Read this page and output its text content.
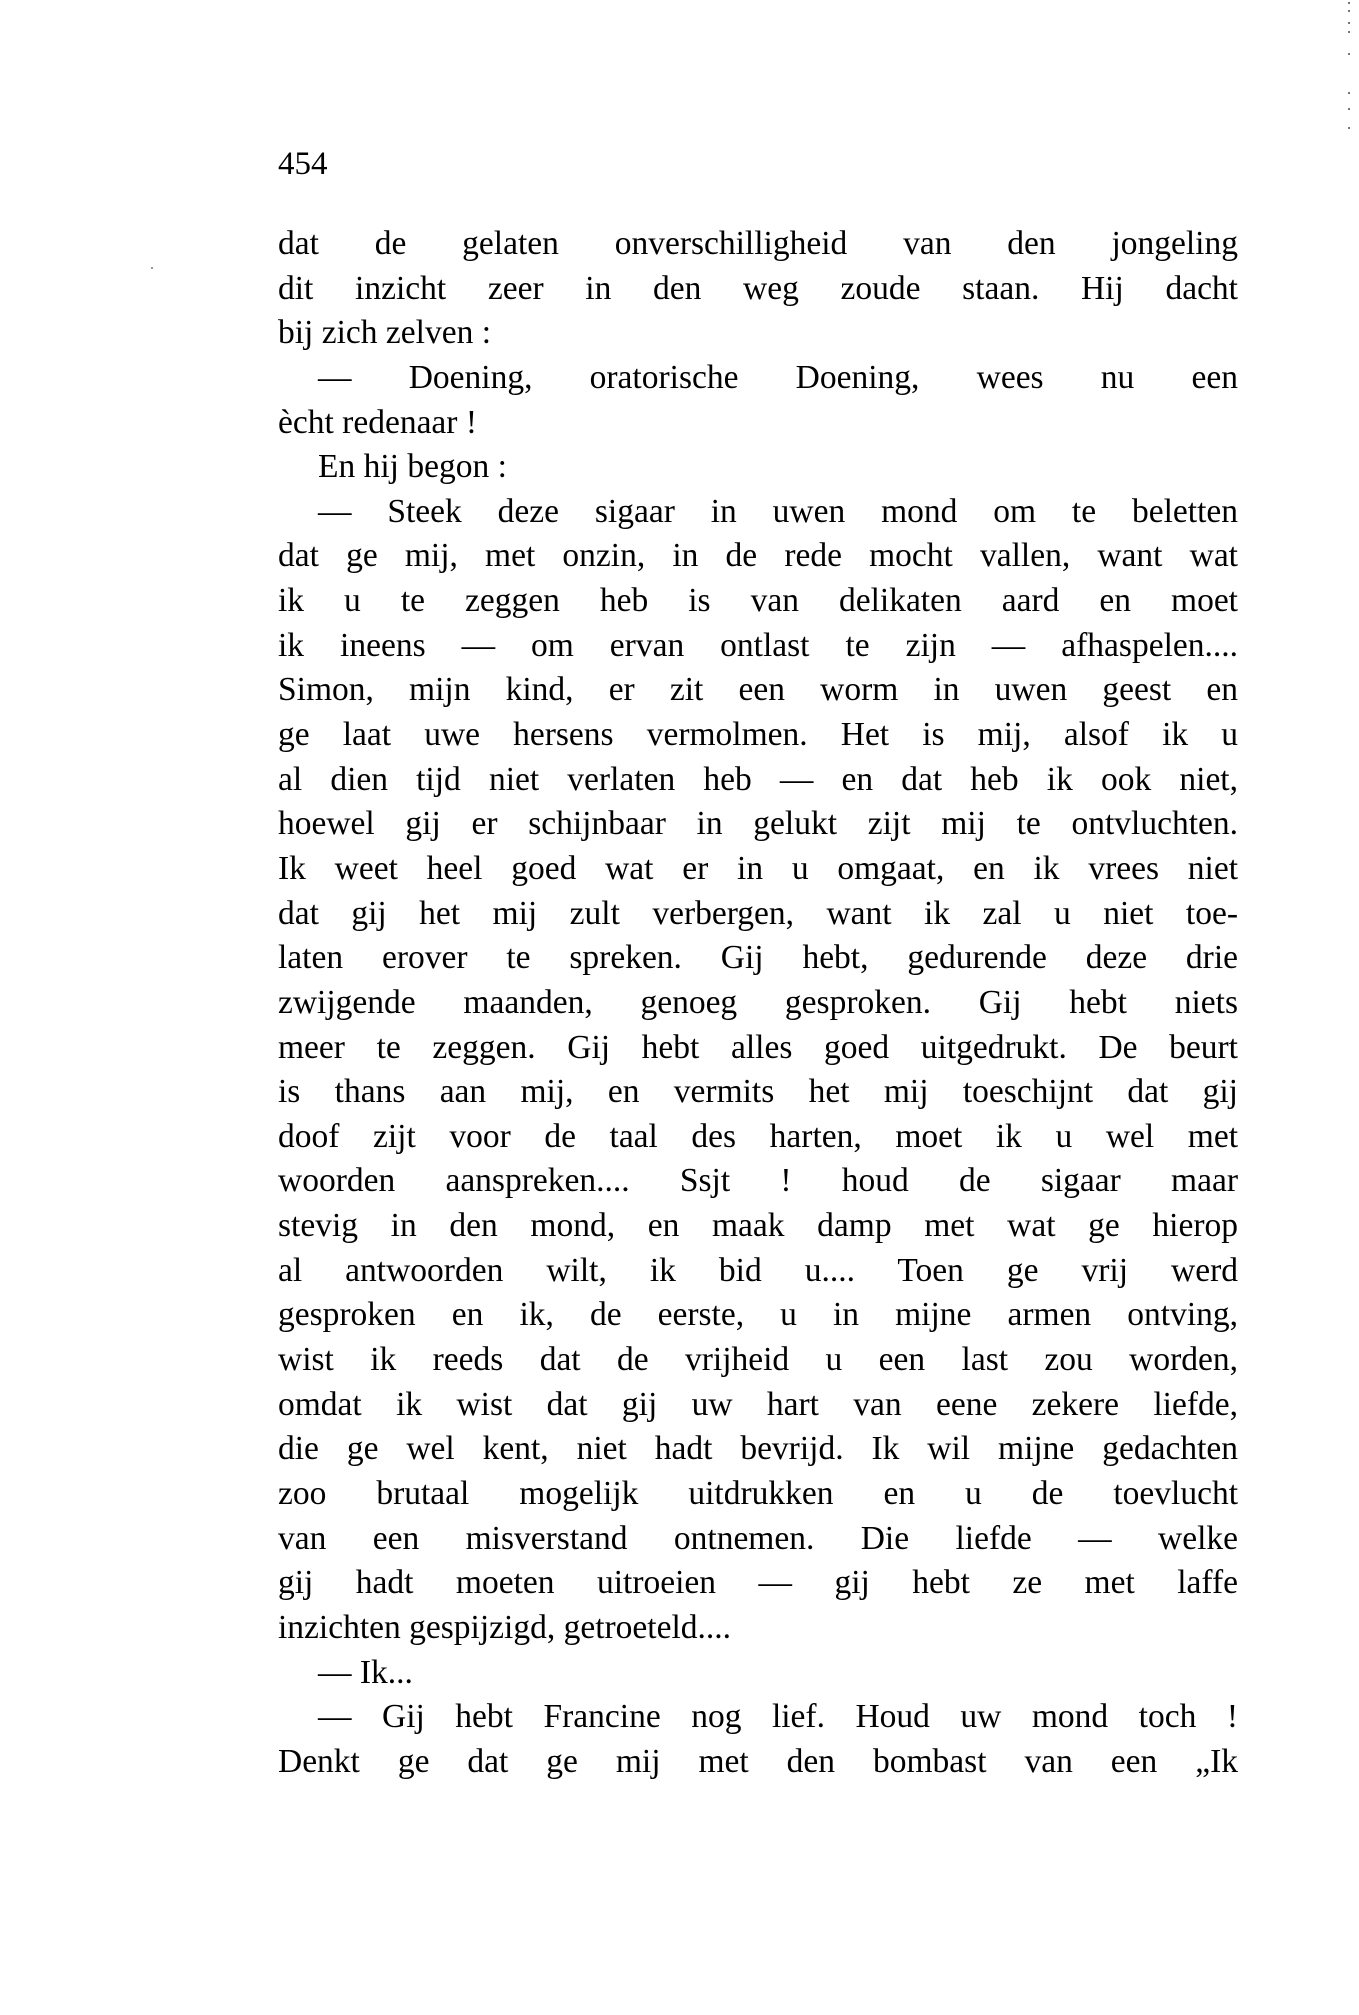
454
dat de gelaten onverschilligheid van den jongeling
dit inzicht zeer in den weg zoude staan. Hij dacht
bij zich zelven :
— Doening, oratorische Doening, wees nu een
ècht redenaar !
En hij begon :
— Steek deze sigaar in uwen mond om te beletten
dat ge mij, met onzin, in de rede mocht vallen, want wat
ik u te zeggen heb is van delikaten aard en moet
ik ineens — om ervan ontlast te zijn — afhaspelen....
Simon, mijn kind, er zit een worm in uwen geest en
ge laat uwe hersens vermolmen. Het is mij, alsof ik u
al dien tijd niet verlaten heb — en dat heb ik ook niet,
hoewel gij er schijnbaar in gelukt zijt mij te ontvluchten.
Ik weet heel goed wat er in u omgaat, en ik vrees niet
dat gij het mij zult verbergen, want ik zal u niet toe-
laten erover te spreken. Gij hebt, gedurende deze drie
zwijgende maanden, genoeg gesproken. Gij hebt niets
meer te zeggen. Gij hebt alles goed uitgedrukt. De beurt
is thans aan mij, en vermits het mij toeschijnt dat gij
doof zijt voor de taal des harten, moet ik u wel met
woorden aanspreken.... Ssjt ! houd de sigaar maar
stevig in den mond, en maak damp met wat ge hierop
al antwoorden wilt, ik bid u.... Toen ge vrij werd
gesproken en ik, de eerste, u in mijne armen ontving,
wist ik reeds dat de vrijheid u een last zou worden,
omdat ik wist dat gij uw hart van eene zekere liefde,
die ge wel kent, niet hadt bevrijd. Ik wil mijne gedachten
zoo brutaal mogelijk uitdrukken en u de toevlucht
van een misverstand ontnemen. Die liefde — welke
gij hadt moeten uitroeien — gij hebt ze met laffe
inzichten gespijzigd, getroeteld....
— Ik...
— Gij hebt Francine nog lief. Houd uw mond toch !
Denkt ge dat ge mij met den bombast van een „Ik
